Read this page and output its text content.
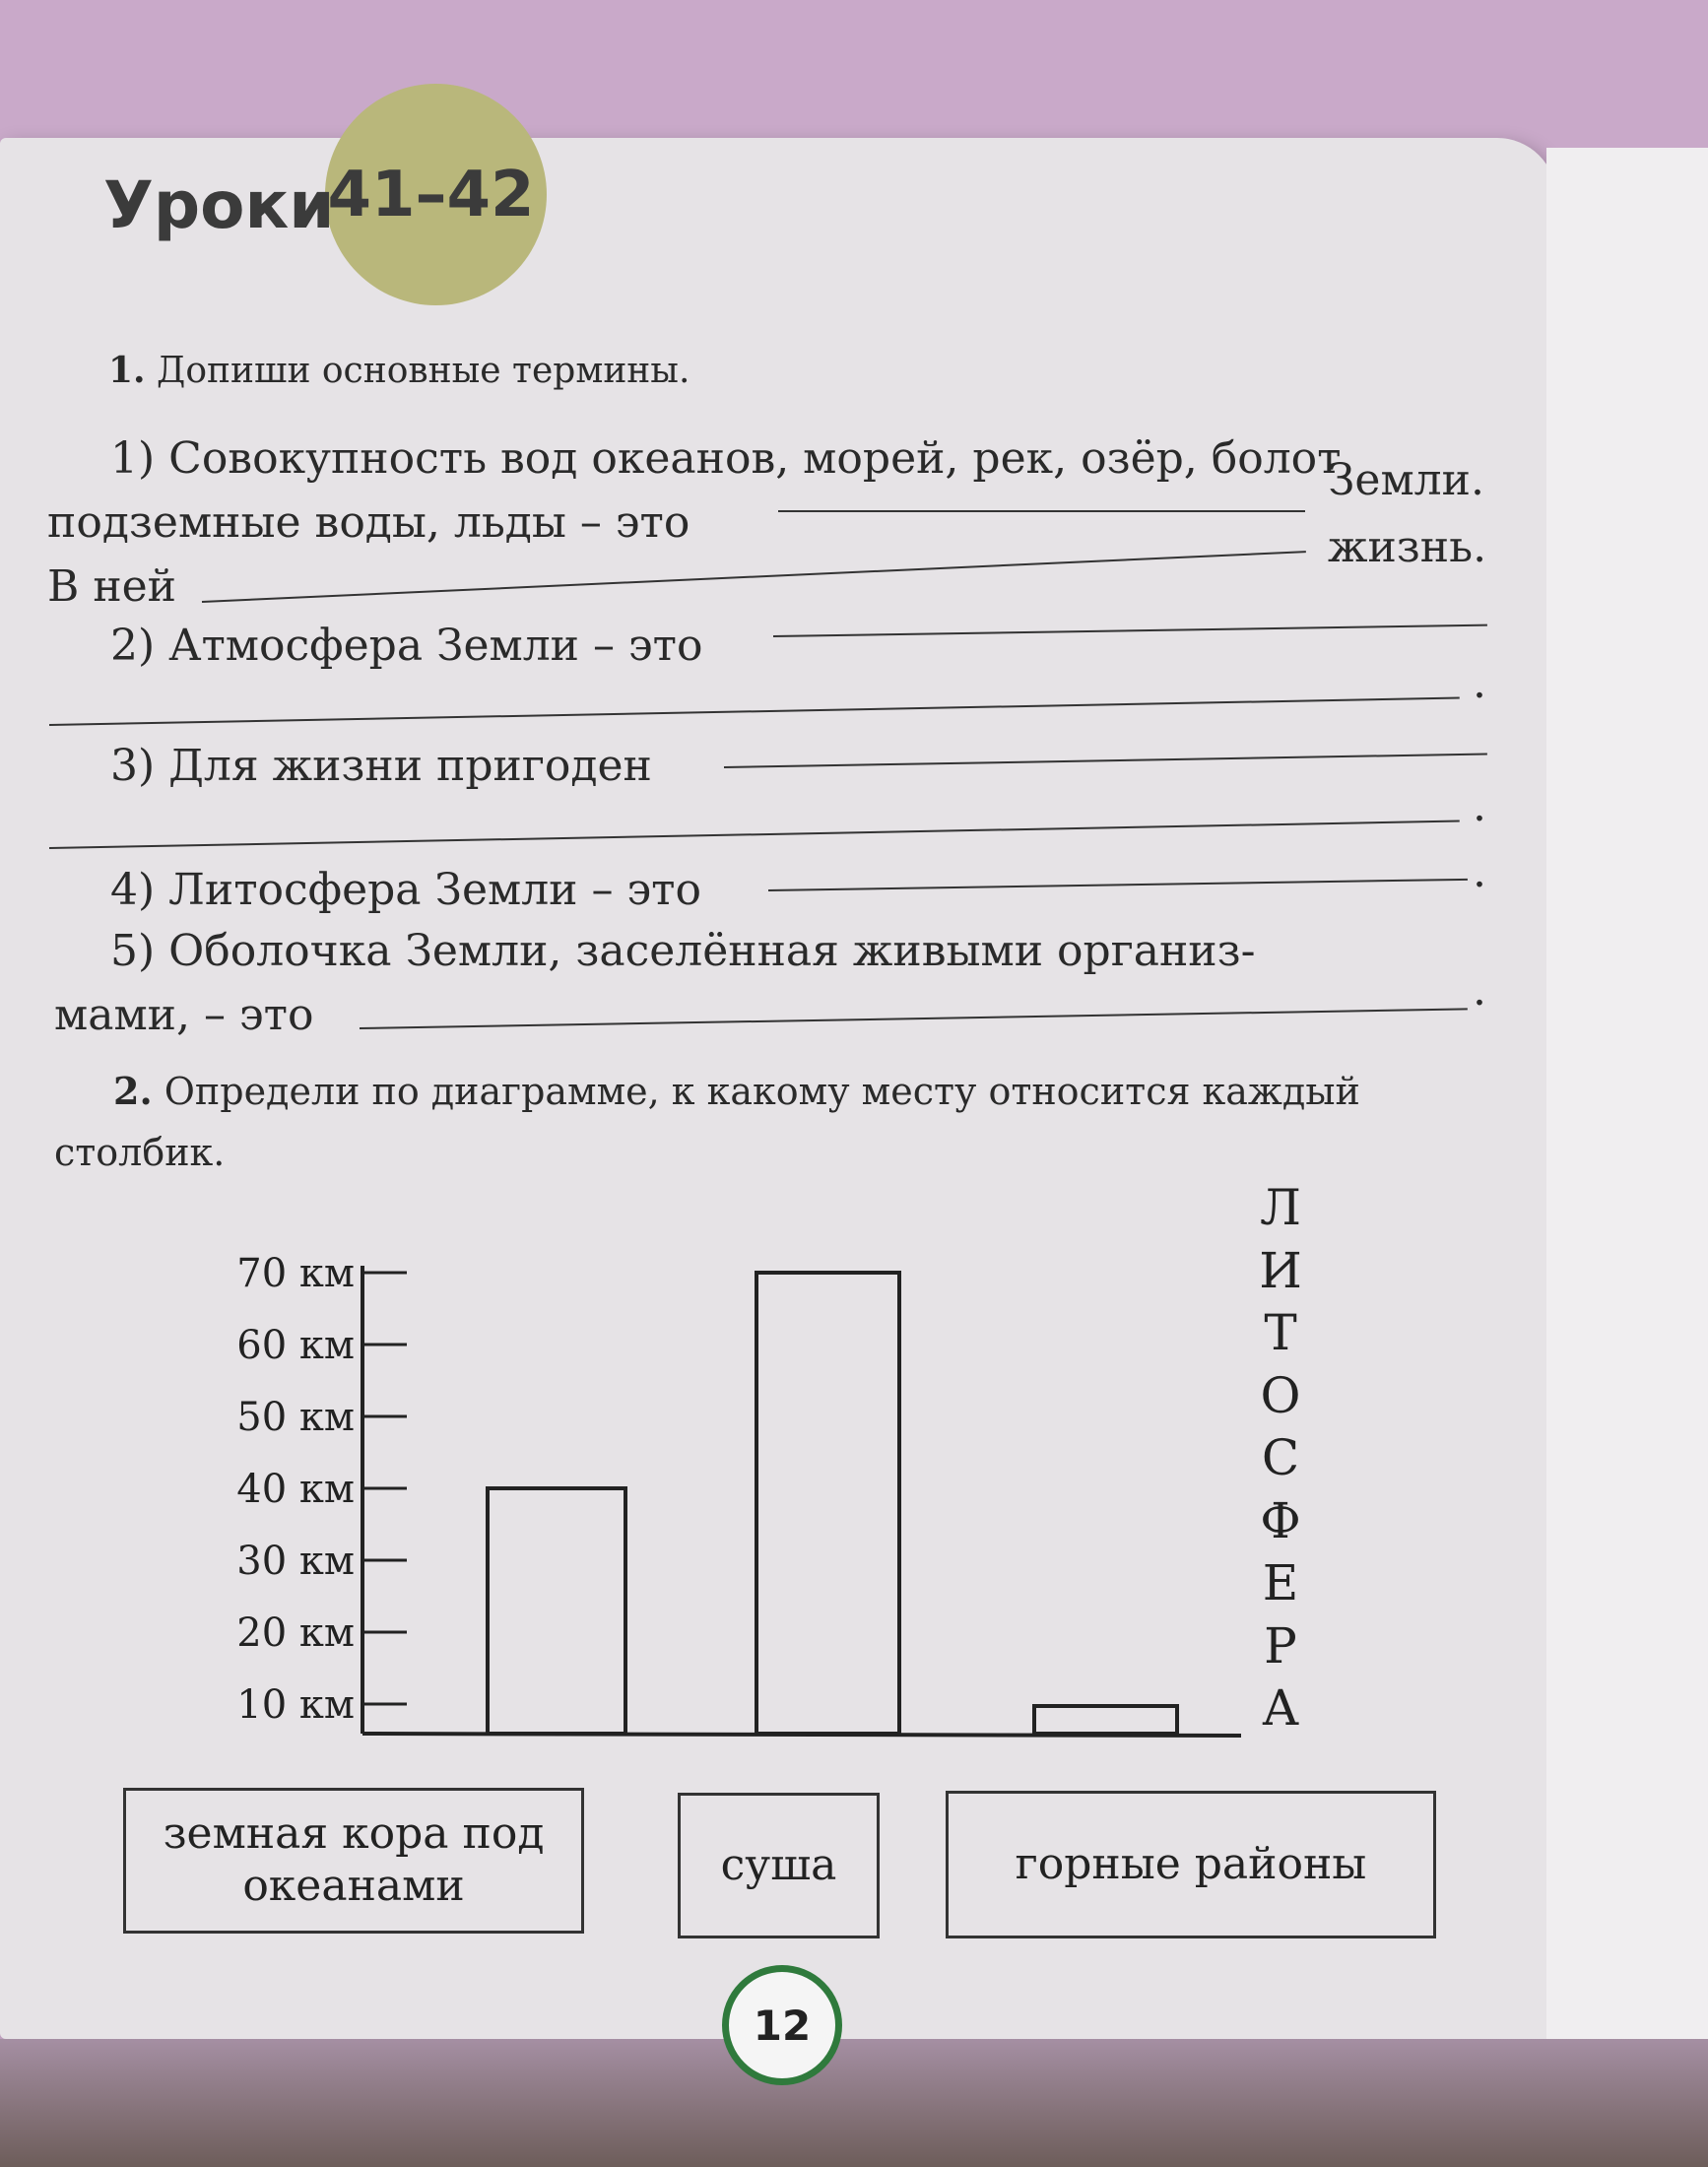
41–42
Уроки
1. Допиши основные термины.
1) Совокупность вод океанов, морей, рек, озёр, болот,
подземные воды, льды – это
Земли.
В ней
жизнь.
2) Атмосфера Земли – это
.
3) Для жизни пригоден
.
4) Литосфера Земли – это	.
5) Оболочка Земли, заселённая живыми организ-
мами, – это	.
2. Определи по диаграмме, к какому месту относится каждый
столбик.
10 км
20 км
30 км
40 км
50 км
60 км
70 км
Л
И
Т
О
С
Ф
Е
Р
А
земная кора под океанами	суша	горные районы
12
